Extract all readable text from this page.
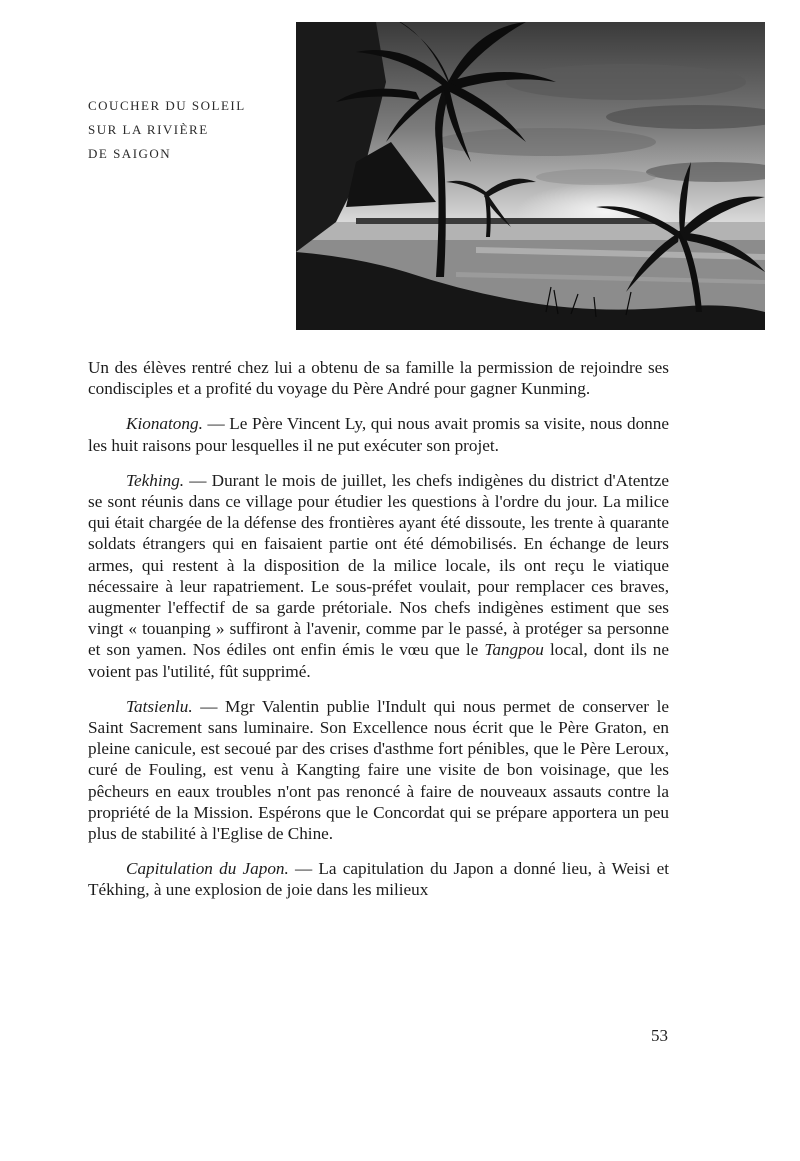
COUCHER DU SOLEIL
SUR LA RIVIÈRE
DE SAIGON

Un des élèves rentré chez lui a obtenu de sa famille la permission de rejoindre ses condisciples et a profité du voyage du Père André pour gagner Kunming.

Kionatong. — Le Père Vincent Ly, qui nous avait promis sa visite, nous donne les huit raisons pour lesquelles il ne put exécuter son projet.

Tekhing. — Durant le mois de juillet, les chefs indigènes du district d'Atentze se sont réunis dans ce village pour étudier les questions à l'ordre du jour. La milice qui était chargée de la défense des frontières ayant été dissoute, les trente à quarante soldats étrangers qui en faisaient partie ont été démobilisés. En échange de leurs armes, qui restent à la disposition de la milice locale, ils ont reçu le viatique nécessaire à leur rapatriement. Le sous-préfet voulait, pour remplacer ces braves, augmenter l'effectif de sa garde prétoriale. Nos chefs indigènes estiment que ses vingt « touanping » suffiront à l'avenir, comme par le passé, à protéger sa personne et son yamen. Nos édiles ont enfin émis le vœu que le Tangpou local, dont ils ne voient pas l'utilité, fût supprimé.

Tatsienlu. — Mgr Valentin publie l'Indult qui nous permet de conserver le Saint Sacrement sans luminaire. Son Excellence nous écrit que le Père Graton, en pleine canicule, est secoué par des crises d'asthme fort pénibles, que le Père Leroux, curé de Fouling, est venu à Kangting faire une visite de bon voisinage, que les pêcheurs en eaux troubles n'ont pas renoncé à faire de nouveaux assauts contre la propriété de la Mission. Espérons que le Concordat qui se prépare apportera un peu plus de stabilité à l'Eglise de Chine.

Capitulation du Japon. — La capitulation du Japon a donné lieu, à Weisi et Tékhing, à une explosion de joie dans les milieux

53
